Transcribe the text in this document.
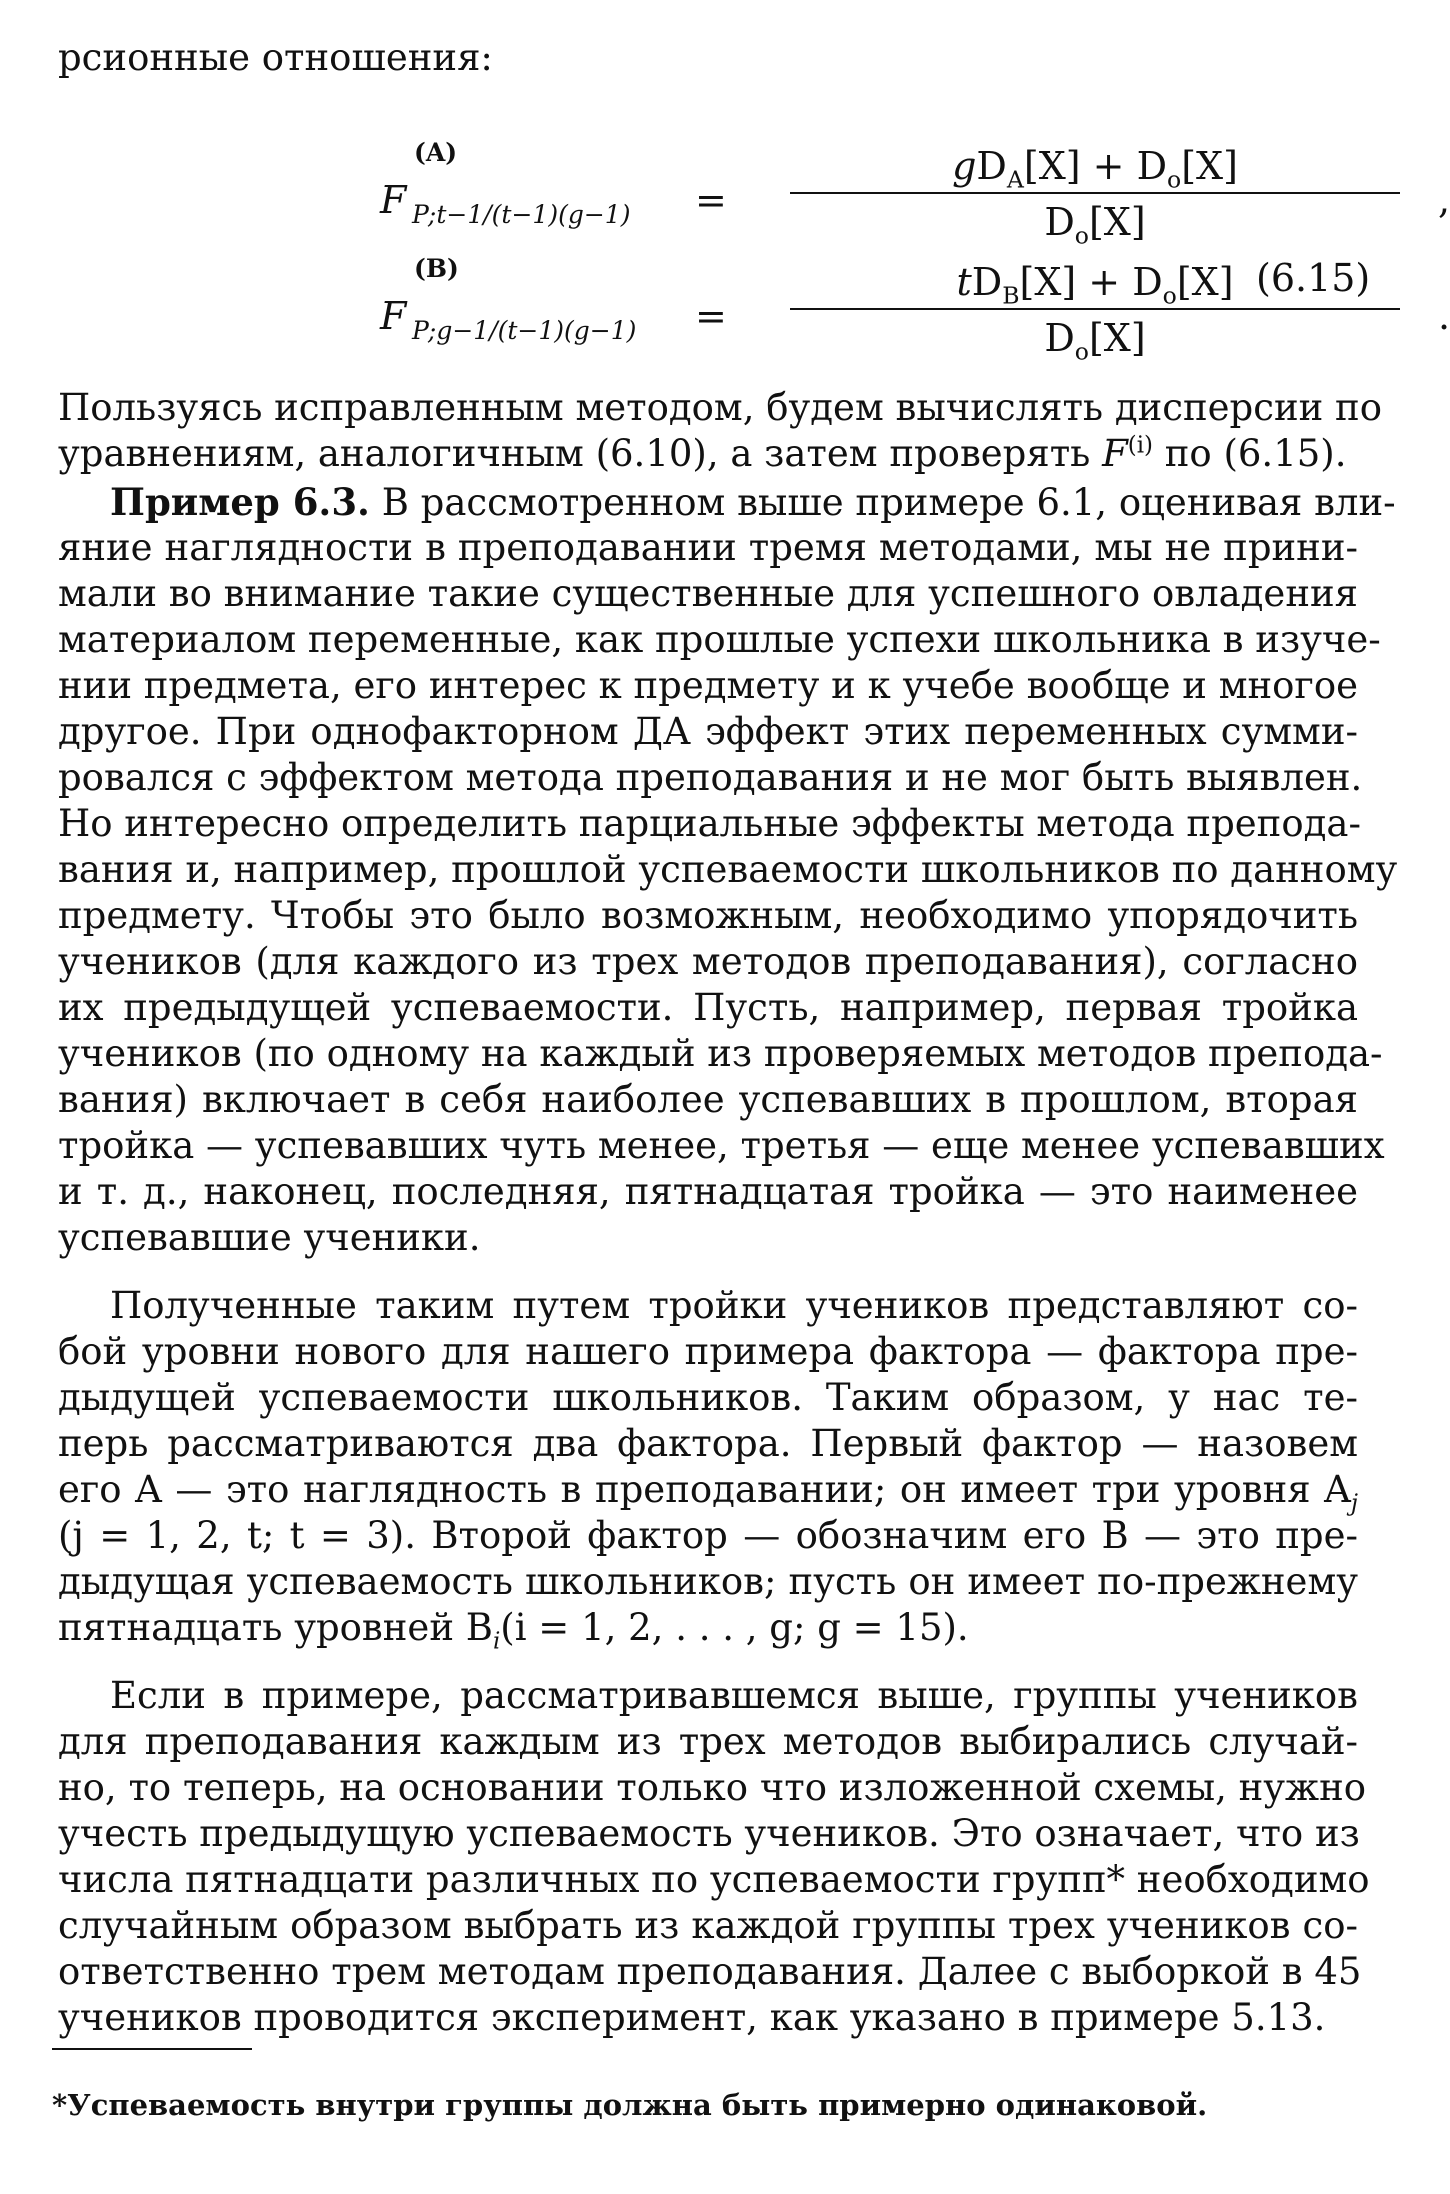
рсионные отношения:
F
(A)
P;t−1/(t−1)(g−1) =
$gD_A[X] + D_o[X]$
$D_o[X]$	,
F
(B)
P;g−1/(t−1)(g−1) =
$tD_B[X] + D_o[X]$
$D_o[X]$	.
(6.15)
Пользуясь исправленным методом, будем вычислять дисперсии по
уравнениям, аналогичным (6.10), а затем проверять $F^{(i)}$ по (6.15).
Пример 6.3. В рассмотренном выше примере 6.1, оценивая вли-
яние наглядности в преподавании тремя методами, мы не прини-
мали во внимание такие существенные для успешного овладения
материалом переменные, как прошлые успехи школьника в изуче-
нии предмета, его интерес к предмету и к учебе вообще и многое
другое. При однофакторном ДА эффект этих переменных сумми-
ровался с эффектом метода преподавания и не мог быть выявлен.
Но интересно определить парциальные эффекты метода препода-
вания и, например, прошлой успеваемости школьников по данному
предмету. Чтобы это было возможным, необходимо упорядочить
учеников (для каждого из трех методов преподавания), согласно
их предыдущей успеваемости. Пусть, например, первая тройка
учеников (по одному на каждый из проверяемых методов препода-
вания) включает в себя наиболее успевавших в прошлом, вторая
тройка — успевавших чуть менее, третья — еще менее успевавших
и т. д., наконец, последняя, пятнадцатая тройка — это наименее
успевавшие ученики.
Полученные таким путем тройки учеников представляют со-
бой уровни нового для нашего примера фактора — фактора пре-
дыдущей успеваемости школьников. Таким образом, у нас те-
перь рассматриваются два фактора. Первый фактор — назовем
его A — это наглядность в преподавании; он имеет три уровня $A_j$
(j = 1, 2, t; t = 3). Второй фактор — обозначим его B — это пре-
дыдущая успеваемость школьников; пусть он имеет по-прежнему
пятнадцать уровней $B_i(i = 1$, 2, . . . , g; g = 15).
Если в примере, рассматривавшемся выше, группы учеников
для преподавания каждым из трех методов выбирались случай-
но, то теперь, на основании только что изложенной схемы, нужно
учесть предыдущую успеваемость учеников. Это означает, что из
числа пятнадцати различных по успеваемости групп* необходимо
случайным образом выбрать из каждой группы трех учеников со-
ответственно трем методам преподавания. Далее с выборкой в 45
учеников проводится эксперимент, как указано в примере 5.13.
*Успеваемость внутри группы должна быть примерно одинаковой.
